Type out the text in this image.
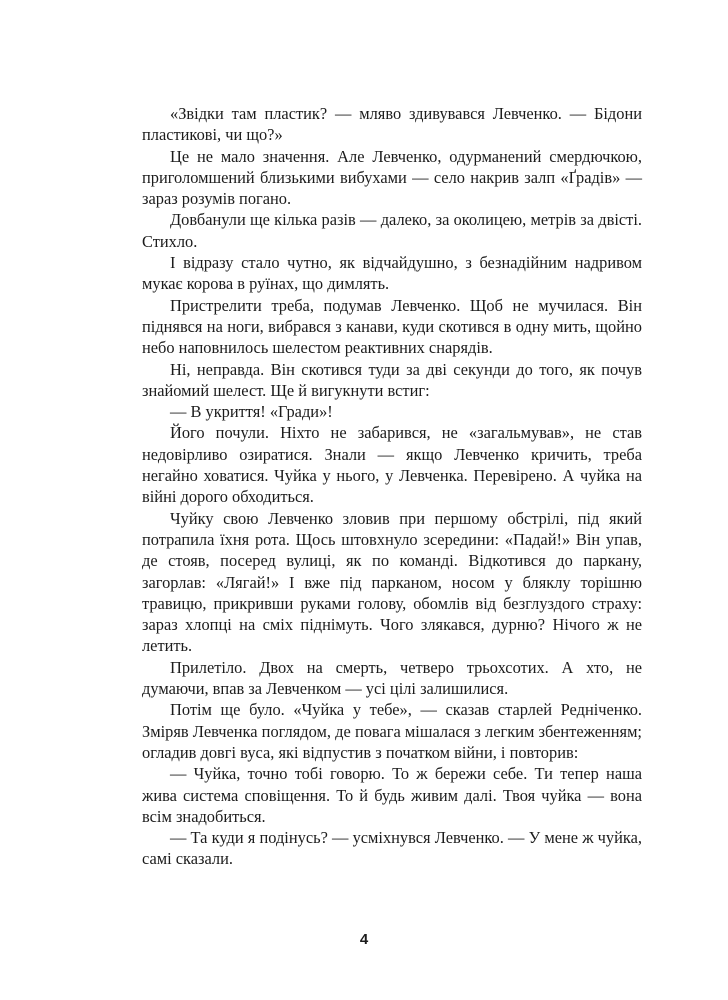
«Звідки там пластик? — мляво здивувався Левченко. — Бідони пластикові, чи що?»

Це не мало значення. Але Левченко, одурманений смердючкою, приголомшений близькими вибухами — село накрив залп «Ґрадів» — зараз розумів погано.

Довбанули ще кілька разів — далеко, за околицею, метрів за двісті. Стихло.

І відразу стало чутно, як відчайдушно, з безнадійним надривом мукає корова в руїнах, що димлять.

Пристрелити треба, подумав Левченко. Щоб не мучилася. Він піднявся на ноги, вибрався з канави, куди скотився в одну мить, щойно небо наповнилось шелестом реактивних снарядів.

Ні, неправда. Він скотився туди за дві секунди до того, як почув знайомий шелест. Ще й вигукнути встиг:

— В укриття! «Гради»!

Його почули. Ніхто не забарився, не «загальмував», не став недовірливо озиратися. Знали — якщо Левченко кричить, треба негайно ховатися. Чуйка у нього, у Левченка. Перевірено. А чуйка на війні дорого обходиться.

Чуйку свою Левченко зловив при першому обстрілі, під який потрапила їхня рота. Щось штовхнуло зсередини: «Падай!» Він упав, де стояв, посеред вулиці, як по команді. Відкотився до паркану, загорлав: «Лягай!» І вже під парканом, носом у бляклу торішню травицю, прикривши руками голову, обомлів від безглуздого страху: зараз хлопці на сміх піднімуть. Чого злякався, дурню? Нічого ж не летить.

Прилетіло. Двох на смерть, четверо трьохсотих. А хто, не думаючи, впав за Левченком — усі цілі залишилися.

Потім ще було. «Чуйка у тебе», — сказав старлей Редніченко. Зміряв Левченка поглядом, де повага мішалася з легким збентеженням; огладив довгі вуса, які відпустив з початком війни, і повторив:

— Чуйка, точно тобі говорю. То ж бережи себе. Ти тепер наша жива система сповіщення. То й будь живим далі. Твоя чуйка — вона всім знадобиться.

— Та куди я подінусь? — усміхнувся Левченко. — У мене ж чуйка, самі сказали.

4
